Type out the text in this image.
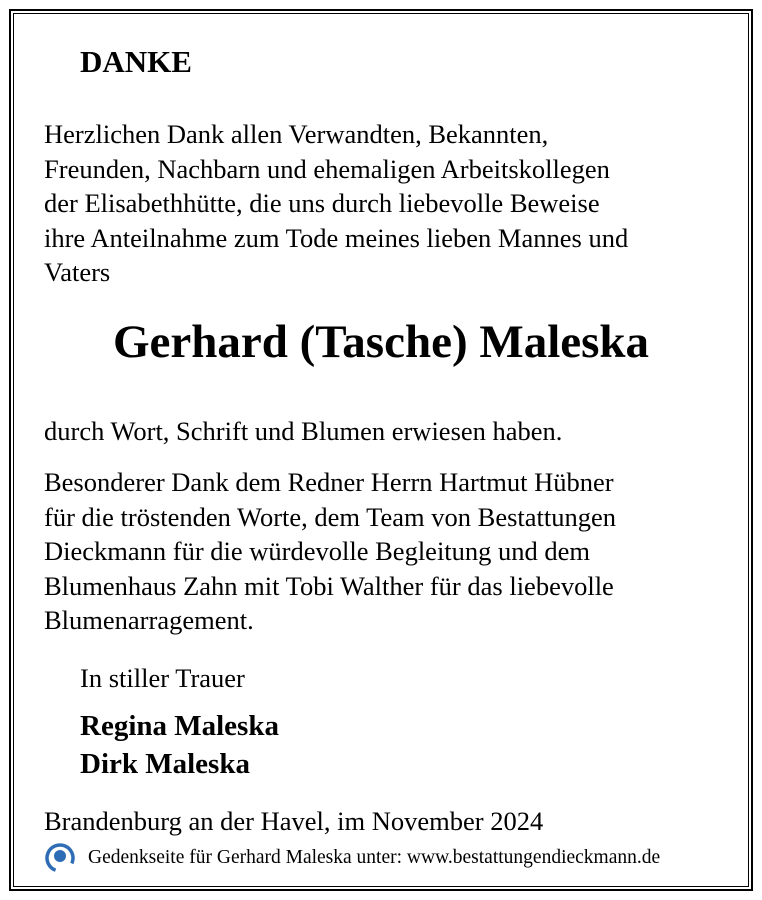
DANKE
Herzlichen Dank allen Verwandten, Bekannten,
Freunden, Nachbarn und ehemaligen Arbeitskollegen
der Elisabethhütte, die uns durch liebevolle Beweise
ihre Anteilnahme zum Tode meines lieben Mannes und
Vaters
Gerhard (Tasche) Maleska
durch Wort, Schrift und Blumen erwiesen haben.
Besonderer Dank dem Redner Herrn Hartmut Hübner
für die tröstenden Worte, dem Team von Bestattungen
Dieckmann für die würdevolle Begleitung und dem
Blumenhaus Zahn mit Tobi Walther für das liebevolle
Blumenarragement.
In stiller Trauer
Regina Maleska
Dirk Maleska
Brandenburg an der Havel, im November 2024
Gedenkseite für Gerhard Maleska unter: www.bestattungendieckmann.de
